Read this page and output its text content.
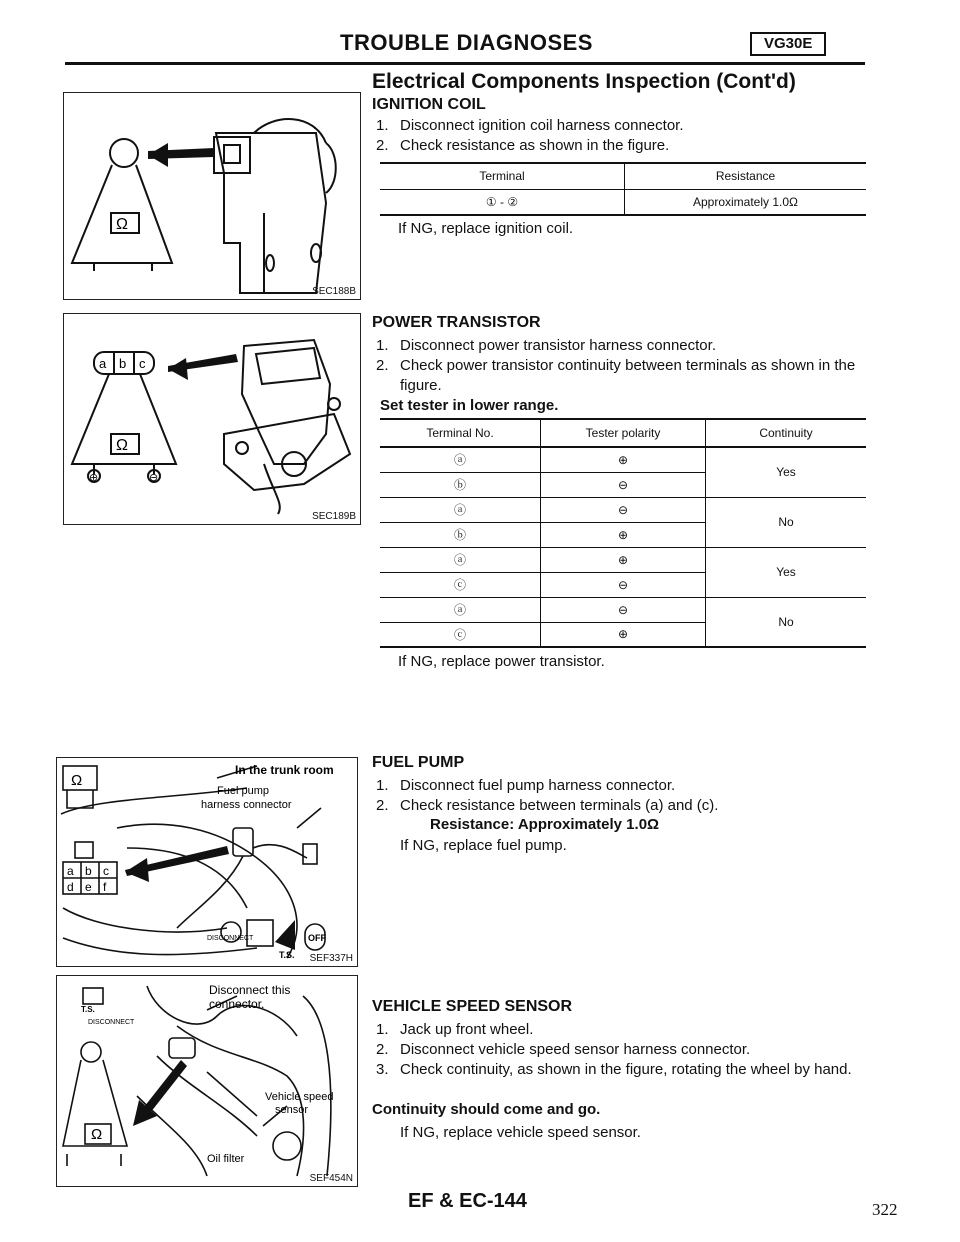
TROUBLE DIAGNOSES	VG30E
Electrical Components Inspection (Cont'd)
Ω
SEC188B
IGNITION COIL
1. Disconnect ignition coil harness connector.
2. Check resistance as shown in the figure.
Terminal	Resistance
① - ②	Approximately 1.0Ω
If NG, replace ignition coil.
a b c
Ω
⊕	⊖
SEC189B
POWER TRANSISTOR
1. Disconnect power transistor harness connector.
2. Check power transistor continuity between terminals as shown in the figure.
Set tester in lower range.
Terminal No.	Tester polarity	Continuity
ⓐ	⊕	Yes
ⓑ	⊖	
ⓐ	⊖	No
ⓑ	⊕	
ⓐ	⊕	Yes
ⓒ	⊖	
ⓐ	⊖	No
ⓒ	⊕	
If NG, replace power transistor.
Ω
a b c
d e f
In the trunk room
Fuel pump
harness connector
DISCONNECT
T.S.
OFF
SEF337H
FUEL PUMP
1. Disconnect fuel pump harness connector.
2. Check resistance between terminals (a) and (c).
Resistance: Approximately 1.0Ω
If NG, replace fuel pump.
DISCONNECT
T.S.
Ω
Disconnect this
connector.
Vehicle speed
sensor
Oil filter
SEF454N
VEHICLE SPEED SENSOR
1. Jack up front wheel.
2. Disconnect vehicle speed sensor harness connector.
3. Check continuity, as shown in the figure, rotating the wheel by hand.
Continuity should come and go.
If NG, replace vehicle speed sensor.
EF & EC-144	322
